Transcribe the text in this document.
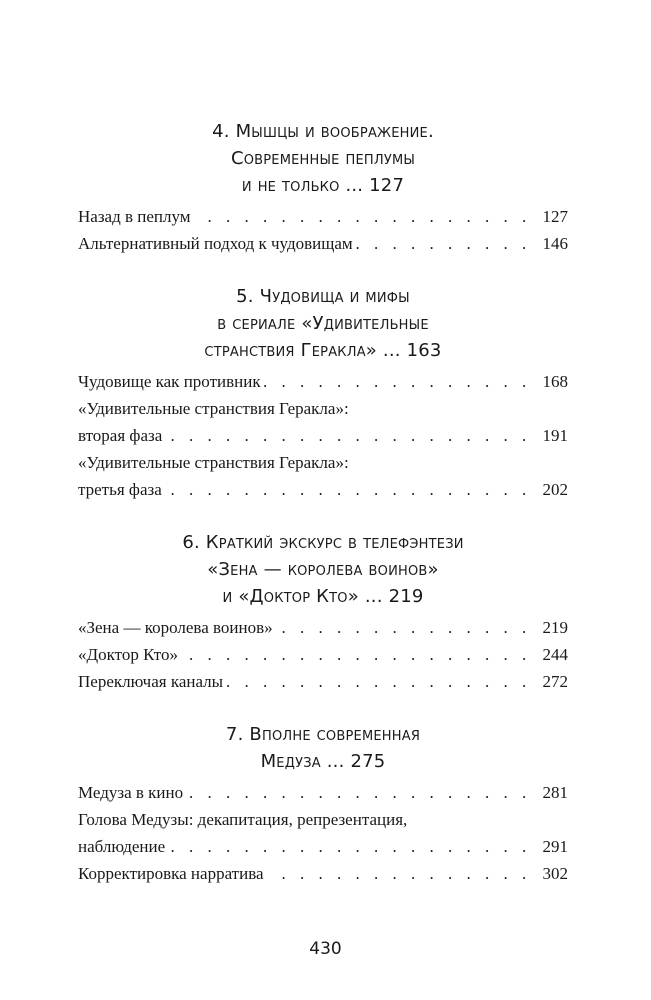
4. Мышцы и воображение.
Современные пеплумы
и не только ... 127
. . .
Назад в пеплум	127
. . .
Альтернативный подход к чудовищам	146
5. Чудовища и мифы
в сериале «Удивительные
странствия Геракла» ... 163
. . .
Чудовище как противник	168
«Удивительные странствия Геракла»:
. . .
вторая фаза	191
«Удивительные странствия Геракла»:
. . .
третья фаза	202
6. Краткий экскурс в телефэнтези
«Зена — королева воинов»
и «Доктор Кто» ... 219
. . .
«Зена — королева воинов»	219
. . .
«Доктор Кто»	244
. . .
Переключая каналы	272
7. Вполне современная
Медуза ... 275
. . .
Медуза в кино	281
Голова Медузы: декапитация, репрезентация,
. . .
наблюдение	291
. . .
Корректировка нарратива	302
430
